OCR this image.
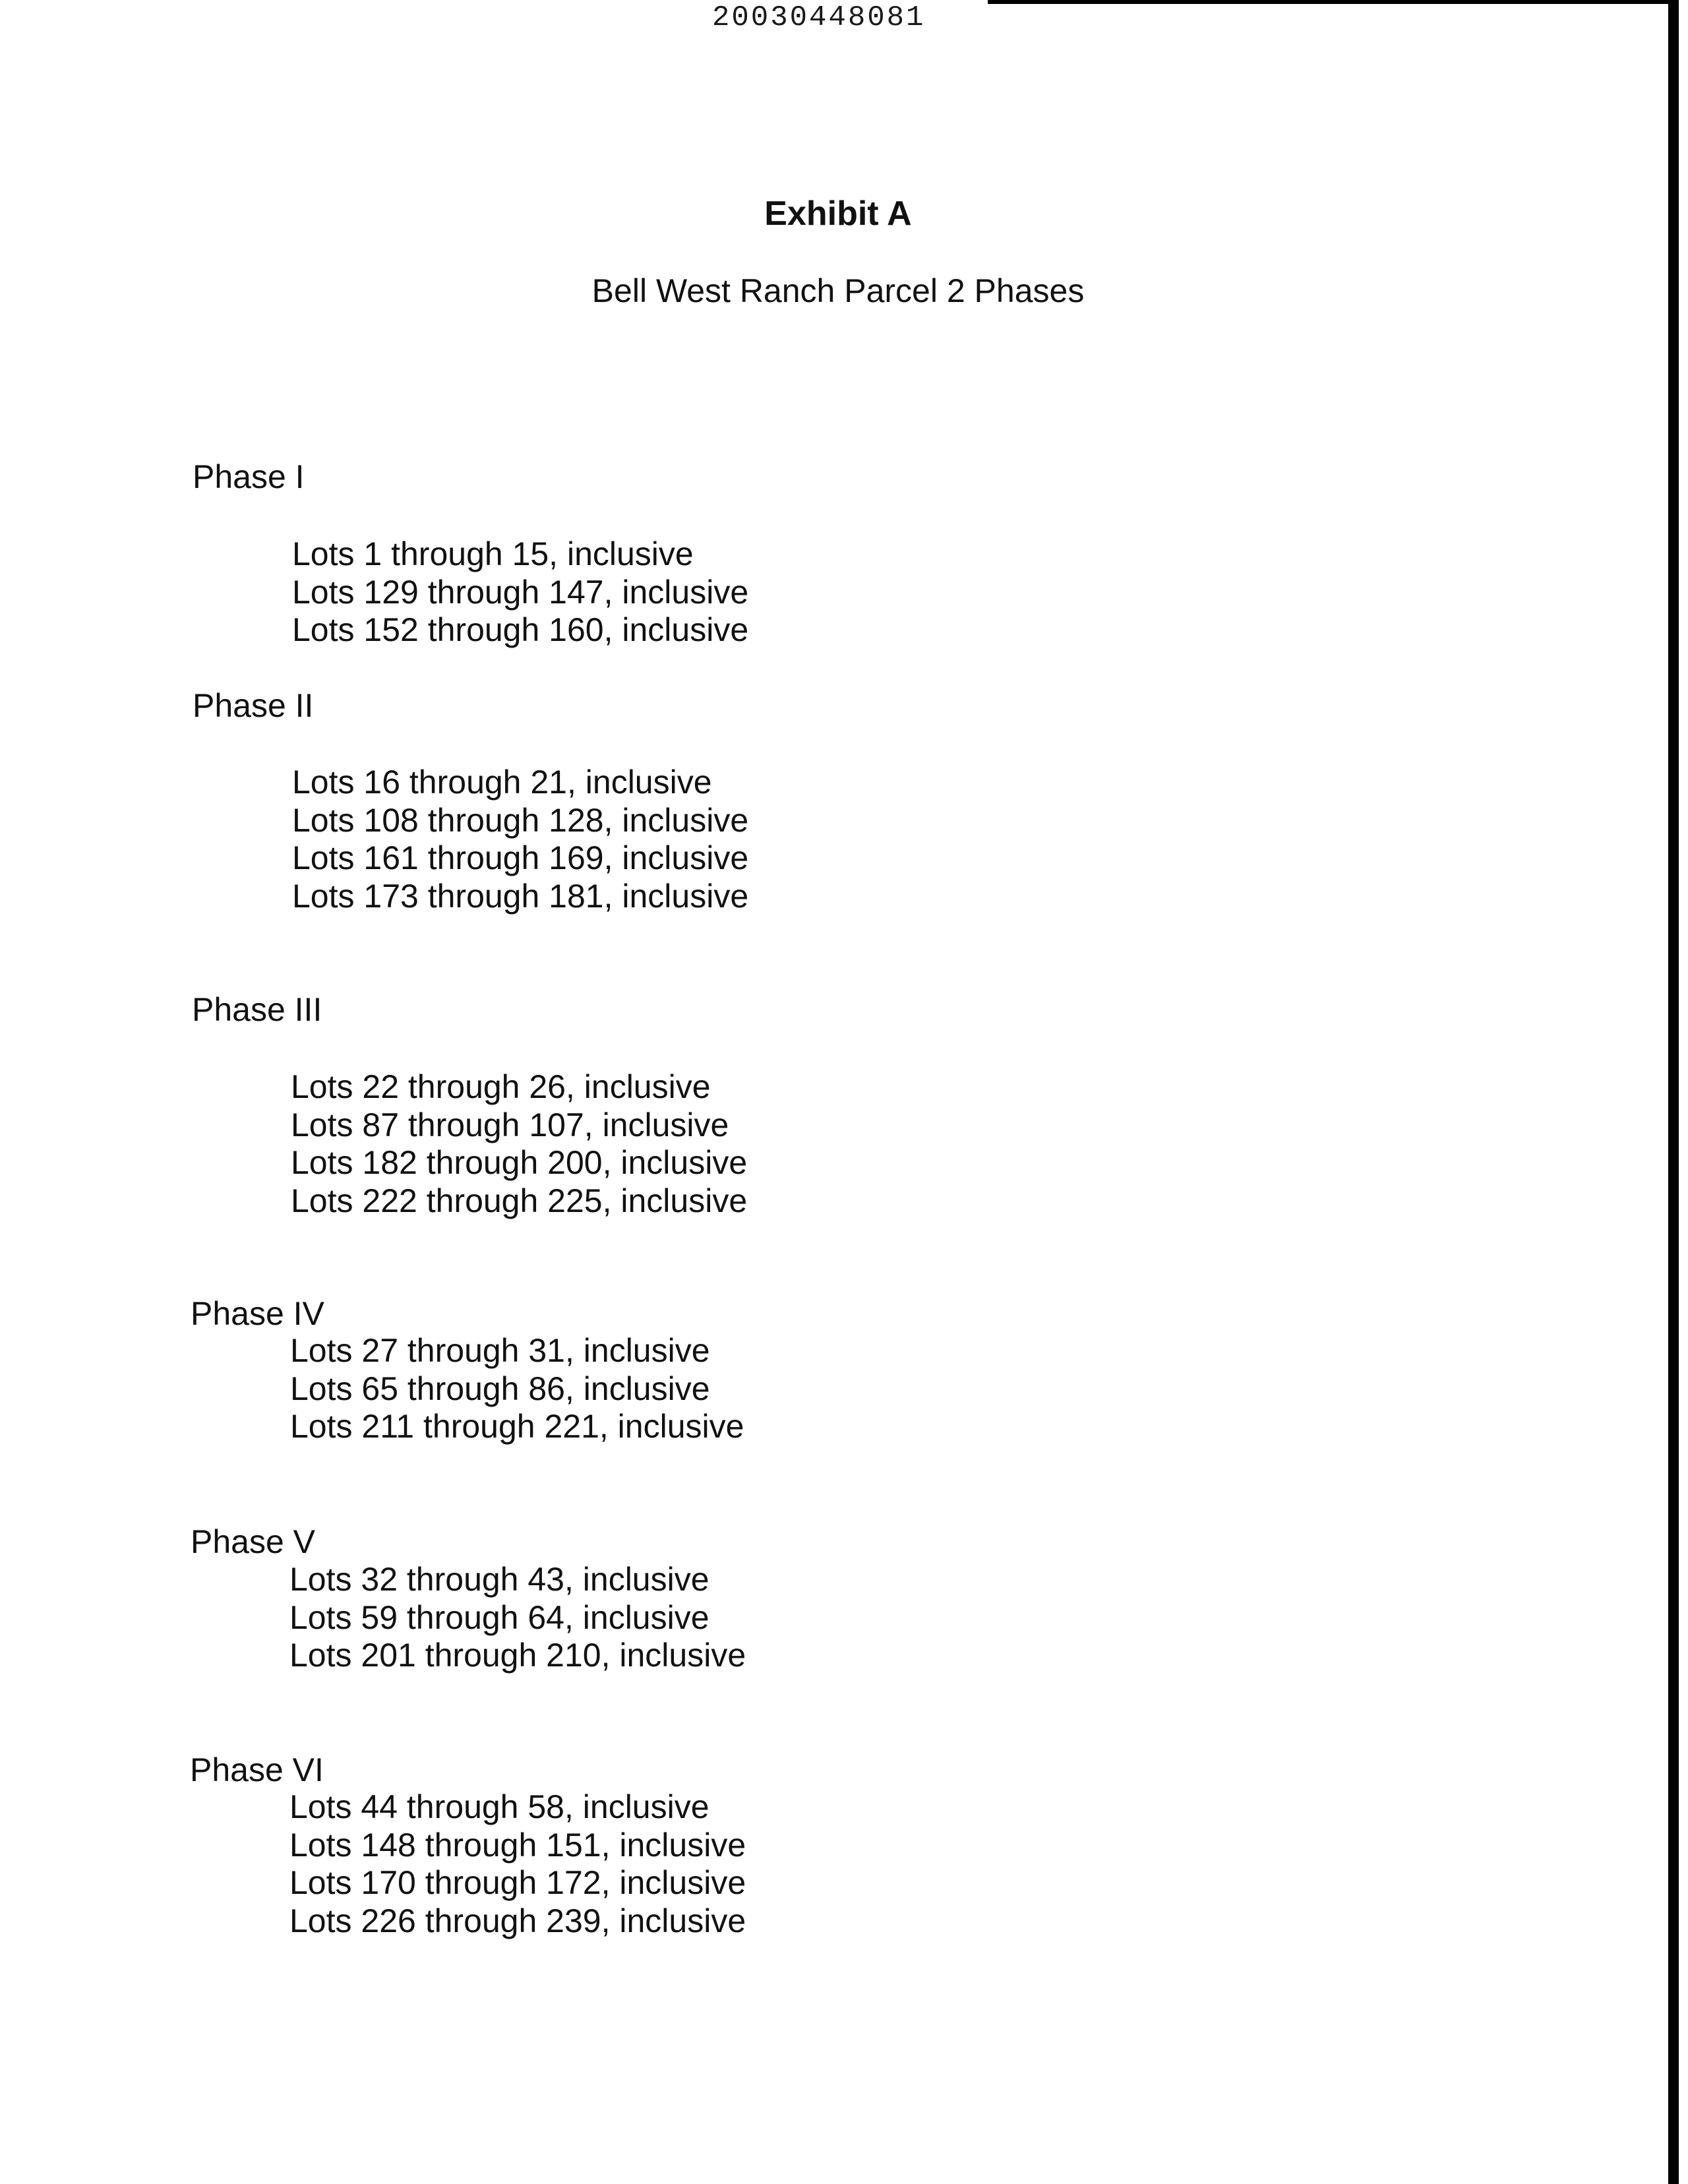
20030448081
Exhibit A
Bell West Ranch Parcel 2 Phases
Phase I
Lots 1 through 15, inclusive
Lots 129 through 147, inclusive
Lots 152 through 160, inclusive
Phase II
Lots 16 through 21, inclusive
Lots 108 through 128, inclusive
Lots 161 through 169, inclusive
Lots 173 through 181, inclusive
Phase III
Lots 22 through 26, inclusive
Lots 87 through 107, inclusive
Lots 182 through 200, inclusive
Lots 222 through 225, inclusive
Phase IV
Lots 27 through 31, inclusive
Lots 65 through 86, inclusive
Lots 211 through 221, inclusive
Phase V
Lots 32 through 43, inclusive
Lots 59 through 64, inclusive
Lots 201 through 210, inclusive
Phase VI
Lots 44 through 58, inclusive
Lots 148 through 151, inclusive
Lots 170 through 172, inclusive
Lots 226 through 239, inclusive
